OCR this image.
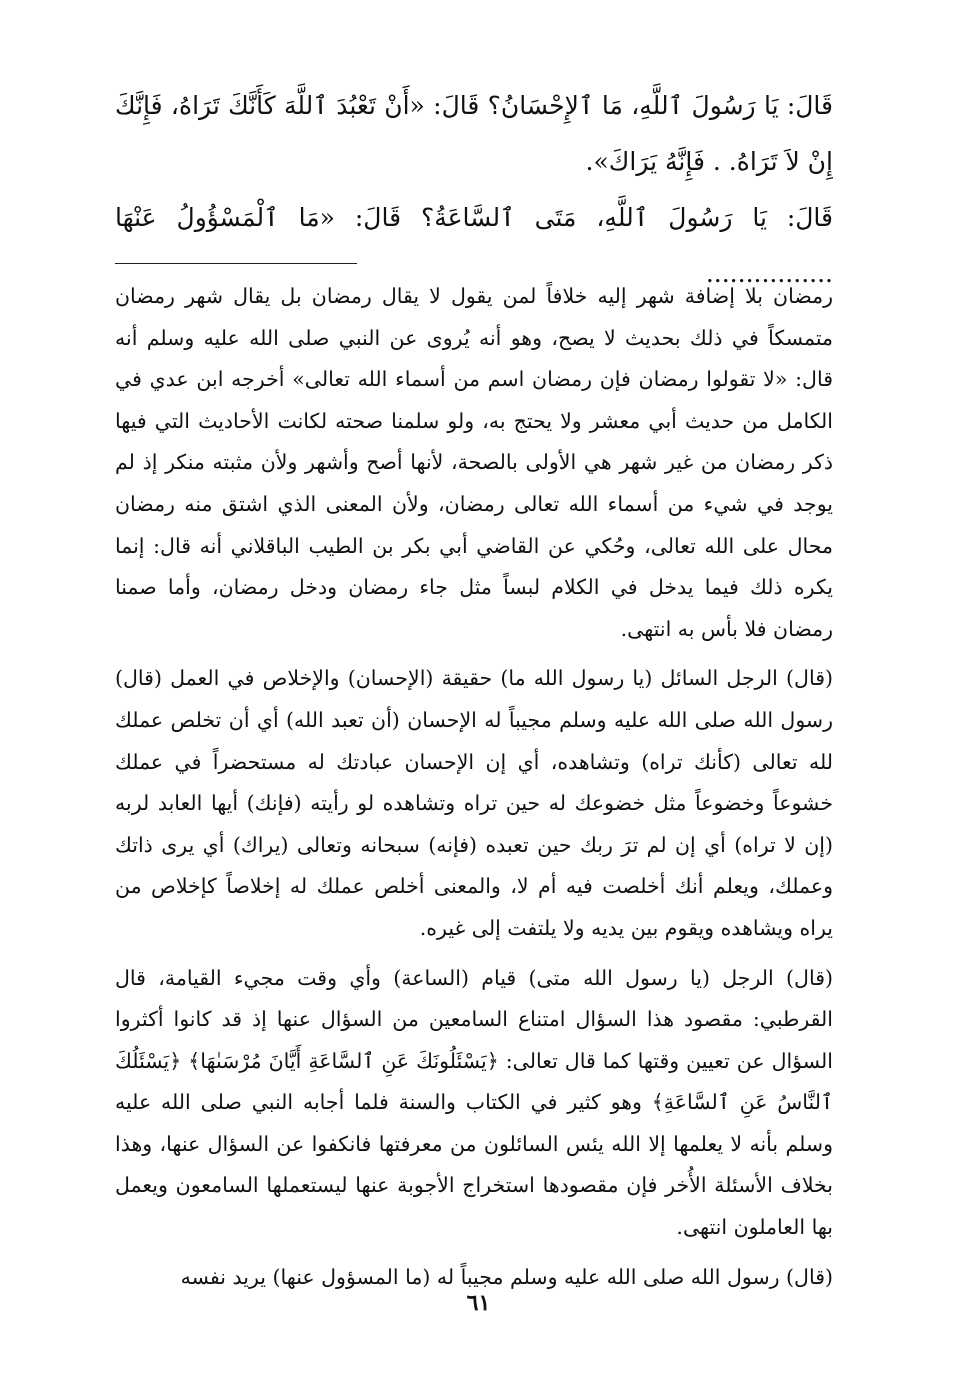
قَالَ: يَا رَسُولَ ٱللَّهِ، مَا ٱلإِحْسَانُ؟ قَالَ: «أَنْ تَعْبُدَ ٱللَّهَ كَأَنَّكَ تَرَاهُ، فَإِنَّكَ إِنْ لاَ تَرَاهُ. . فَإِنَّهُ يَرَاكَ».

قَالَ: يَا رَسُولَ ٱللَّهِ، مَتَى ٱلسَّاعَةُ؟ قَالَ: «مَا ٱلْمَسْؤُولُ عَنْهَا ................

رمضان بلا إضافة شهر إليه خلافاً لمن يقول لا يقال رمضان بل يقال شهر رمضان متمسكاً في ذلك بحديث لا يصح، وهو أنه يُروى عن النبي صلى الله عليه وسلم أنه قال: «لا تقولوا رمضان فإن رمضان اسم من أسماء الله تعالى» أخرجه ابن عدي في الكامل من حديث أبي معشر ولا يحتج به، ولو سلمنا صحته لكانت الأحاديث التي فيها ذكر رمضان من غير شهر هي الأولى بالصحة، لأنها أصح وأشهر ولأن مثبته منكر إذ لم يوجد في شيء من أسماء الله تعالى رمضان، ولأن المعنى الذي اشتق منه رمضان محال على الله تعالى، وحُكي عن القاضي أبي بكر بن الطيب الباقلاني أنه قال: إنما يكره ذلك فيما يدخل في الكلام لبساً مثل جاء رمضان ودخل رمضان، وأما صمنا رمضان فلا بأس به انتهى.

(قال) الرجل السائل (يا رسول الله ما) حقيقة (الإحسان) والإخلاص في العمل (قال) رسول الله صلى الله عليه وسلم مجيباً له الإحسان (أن تعبد الله) أي أن تخلص عملك لله تعالى (كأنك تراه) وتشاهده، أي إن الإحسان عبادتك له مستحضراً في عملك خشوعاً وخضوعاً مثل خضوعك له حين تراه وتشاهده لو رأيته (فإنك) أيها العابد لربه (إن لا تراه) أي إن لم ترَ ربك حين تعبده (فإنه) سبحانه وتعالى (يراك) أي يرى ذاتك وعملك، ويعلم أنك أخلصت فيه أم لا، والمعنى أخلص عملك له إخلاصاً كإخلاص من يراه ويشاهده ويقوم بين يديه ولا يلتفت إلى غيره.

(قال) الرجل (يا رسول الله متى) قيام (الساعة) وأي وقت مجيء القيامة، قال القرطبي: مقصود هذا السؤال امتناع السامعين من السؤال عنها إذ قد كانوا أكثروا السؤال عن تعيين وقتها كما قال تعالى: ﴿يَسْئَلُونَكَ عَنِ ٱلسَّاعَةِ أَيَّانَ مُرْسَىٰهَا﴾ ﴿يَسْئَلُكَ ٱلنَّاسُ عَنِ ٱلسَّاعَةِ﴾ وهو كثير في الكتاب والسنة فلما أجابه النبي صلى الله عليه وسلم بأنه لا يعلمها إلا الله يئس السائلون من معرفتها فانكفوا عن السؤال عنها، وهذا بخلاف الأسئلة الأُخر فإن مقصودها استخراج الأجوبة عنها ليستعملها السامعون ويعمل بها العاملون انتهى.

(قال) رسول الله صلى الله عليه وسلم مجيباً له (ما المسؤول عنها) يريد نفسه

٦١
